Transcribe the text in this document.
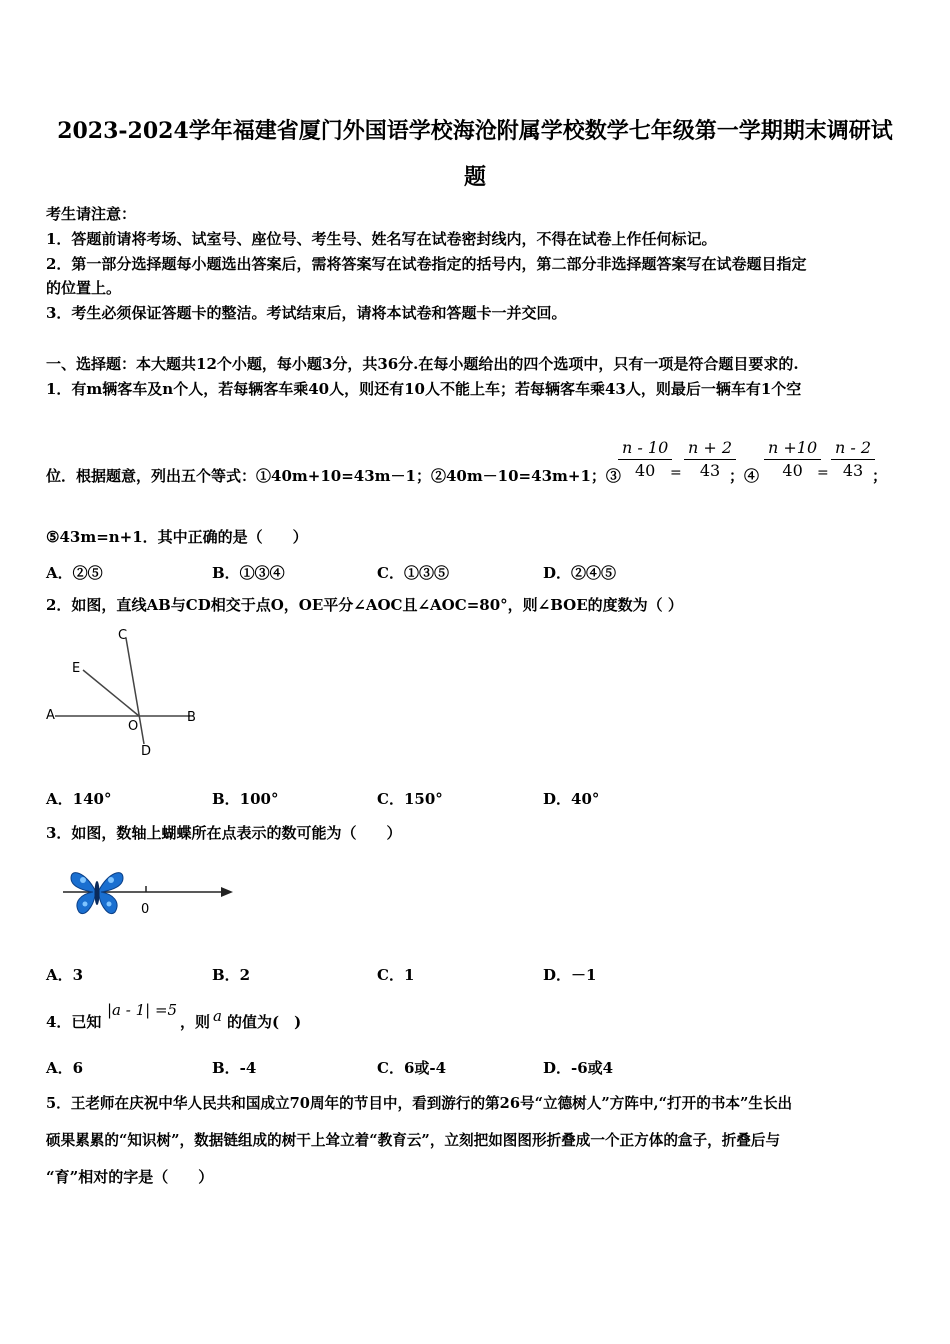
2023-2024学年福建省厦门外国语学校海沧附属学校数学七年级第一学期期末调研试
题
考生请注意：
1．答题前请将考场、试室号、座位号、考生号、姓名写在试卷密封线内，不得在试卷上作任何标记。
2．第一部分选择题每小题选出答案后，需将答案写在试卷指定的括号内，第二部分非选择题答案写在试卷题目指定
的位置上。
3．考生必须保证答题卡的整洁。考试结束后，请将本试卷和答题卡一并交回。
一、选择题：本大题共12个小题，每小题3分，共36分.在每小题给出的四个选项中，只有一项是符合题目要求的.
1．有m辆客车及n个人，若每辆客车乘40人，则还有10人不能上车；若每辆客车乘43人，则最后一辆车有1个空
位．根据题意，列出五个等式：①40m+10=43m－1；②40m－10=43m+1；③
$\frac{n - 10}{40}$
= $\frac{n + 2}{43}$
；④ $\frac{n +10}{40}$
= $\frac{n - 2}{43}$
；
⑤43m=n+1．其中正确的是（　　）
A．②⑤	B．①③④	C．①③⑤	D．②④⑤
2．如图，直线AB与CD相交于点O，OE平分∠AOC且∠AOC=80°，则∠BOE的度数为（ ）
A	B
C
D
E
O
A．140°	B．100°	C．150°	D．40°
3．如图，数轴上蝴蝶所在点表示的数可能为（　　）
0
A．3	B．2	C．1	D．－1
4．已知
|a - 1| =5
，则 a 的值为(　)
A．6	B．-4	C．6或-4	D．-6或4
5．王老师在庆祝中华人民共和国成立70周年的节目中，看到游行的第26号“立德树人”方阵中,“打开的书本”生长出
硕果累累的“知识树”，数据链组成的树干上耸立着“教育云”，立刻把如图图形折叠成一个正方体的盒子，折叠后与
“育”相对的字是（　　）
